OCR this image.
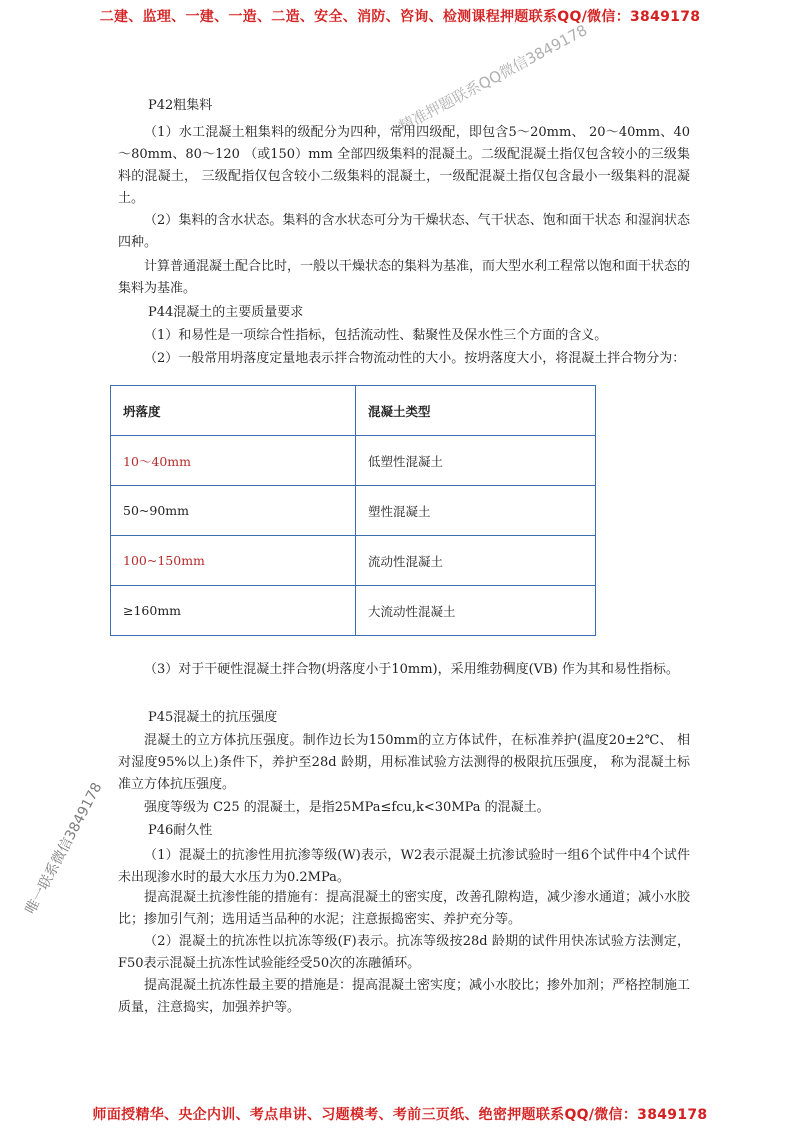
二建、监理、一建、一造、二造、安全、消防、咨询、检测课程押题联系QQ/微信：3849178
精准押题联系QQ微信3849178
唯一联系微信3849178
P42粗集料

（1）水工混凝土粗集料的级配分为四种，常用四级配，即包含5～20mm、 20～40mm、40～80mm、80～120 （或150）mm 全部四级集料的混凝土。二级配混凝土指仅包含较小的三级集料的混凝土， 三级配指仅包含较小二级集料的混凝土，一级配混凝土指仅包含最小一级集料的混凝土。

（2）集料的含水状态。集料的含水状态可分为干燥状态、气干状态、饱和面干状态 和湿润状态四种。

计算普通混凝土配合比时，一般以干燥状态的集料为基准，而大型水利工程常以饱和面干状态的集料为基准。

P44混凝土的主要质量要求

（1）和易性是一项综合性指标，包括流动性、黏聚性及保水性三个方面的含义。

（2）一般常用坍落度定量地表示拌合物流动性的大小。按坍落度大小，将混凝土拌合物分为：

坍落度	混凝土类型
10～40mm	低塑性混凝土
50~90mm	塑性混凝土
100~150mm	流动性混凝土
≥160mm	大流动性混凝土

（3）对于干硬性混凝土拌合物(坍落度小于10mm)，采用维勃稠度(VB) 作为其和易性指标。

P45混凝土的抗压强度

混凝土的立方体抗压强度。制作边长为150mm的立方体试件，在标准养护(温度20±2℃、 相对湿度95%以上)条件下，养护至28d 龄期，用标准试验方法测得的极限抗压强度， 称为混凝土标准立方体抗压强度。

强度等级为 C25 的混凝土，是指25MPa≤fcu,k<30MPa 的混凝土。

P46耐久性

（1）混凝土的抗渗性用抗渗等级(W)表示，W2表示混凝土抗渗试验时一组6个试件中4个试件未出现渗水时的最大水压力为0.2MPa。

提高混凝土抗渗性能的措施有：提高混凝土的密实度，改善孔隙构造，减少渗水通道；减小水胶比；掺加引气剂；选用适当品种的水泥；注意振捣密实、养护充分等。

（2）混凝土的抗冻性以抗冻等级(F)表示。抗冻等级按28d 龄期的试件用快冻试验方法测定，F50表示混凝土抗冻性试验能经受50次的冻融循环。

提高混凝土抗冻性最主要的措施是：提高混凝土密实度；减小水胶比；掺外加剂；严格控制施工质量，注意捣实，加强养护等。

师面授精华、央企内训、考点串讲、习题模考、考前三页纸、绝密押题联系QQ/微信：3849178
